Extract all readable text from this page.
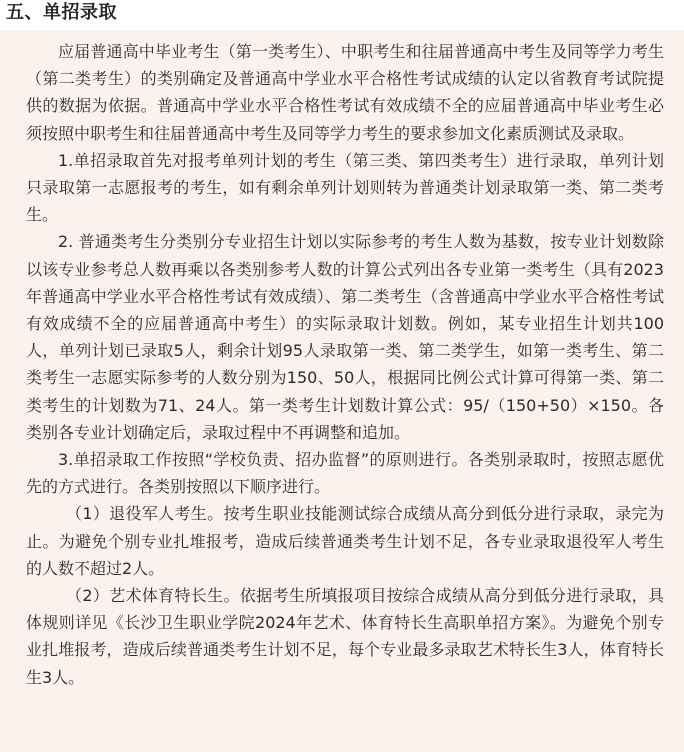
五、单招录取

应届普通高中毕业考生（第一类考生）、中职考生和往届普通高中考生及同等学力考生（第二类考生）的类别确定及普通高中学业水平合格性考试成绩的认定以省教育考试院提供的数据为依据。普通高中学业水平合格性考试有效成绩不全的应届普通高中毕业考生必须按照中职考生和往届普通高中考生及同等学力考生的要求参加文化素质测试及录取。

1.单招录取首先对报考单列计划的考生（第三类、第四类考生）进行录取，单列计划只录取第一志愿报考的考生，如有剩余单列计划则转为普通类计划录取第一类、第二类考生。

2. 普通类考生分类别分专业招生计划以实际参考的考生人数为基数，按专业计划数除以该专业参考总人数再乘以各类别参考人数的计算公式列出各专业第一类考生（具有2023年普通高中学业水平合格性考试有效成绩）、第二类考生（含普通高中学业水平合格性考试有效成绩不全的应届普通高中考生）的实际录取计划数。例如，某专业招生计划共100人，单列计划已录取5人，剩余计划95人录取第一类、第二类学生，如第一类考生、第二类考生一志愿实际参考的人数分别为150、50人，根据同比例公式计算可得第一类、第二类考生的计划数为71、24人。第一类考生计划数计算公式：95/（150+50）×150。各类别各专业计划确定后，录取过程中不再调整和追加。

3.单招录取工作按照“学校负责、招办监督”的原则进行。各类别录取时，按照志愿优先的方式进行。各类别按照以下顺序进行。

（1）退役军人考生。按考生职业技能测试综合成绩从高分到低分进行录取，录完为止。为避免个别专业扎堆报考，造成后续普通类考生计划不足，各专业录取退役军人考生的人数不超过2人。

（2）艺术体育特长生。依据考生所填报项目按综合成绩从高分到低分进行录取，具体规则详见《长沙卫生职业学院2024年艺术、体育特长生高职单招方案》。为避免个别专业扎堆报考，造成后续普通类考生计划不足，每个专业最多录取艺术特长生3人，体育特长生3人。
